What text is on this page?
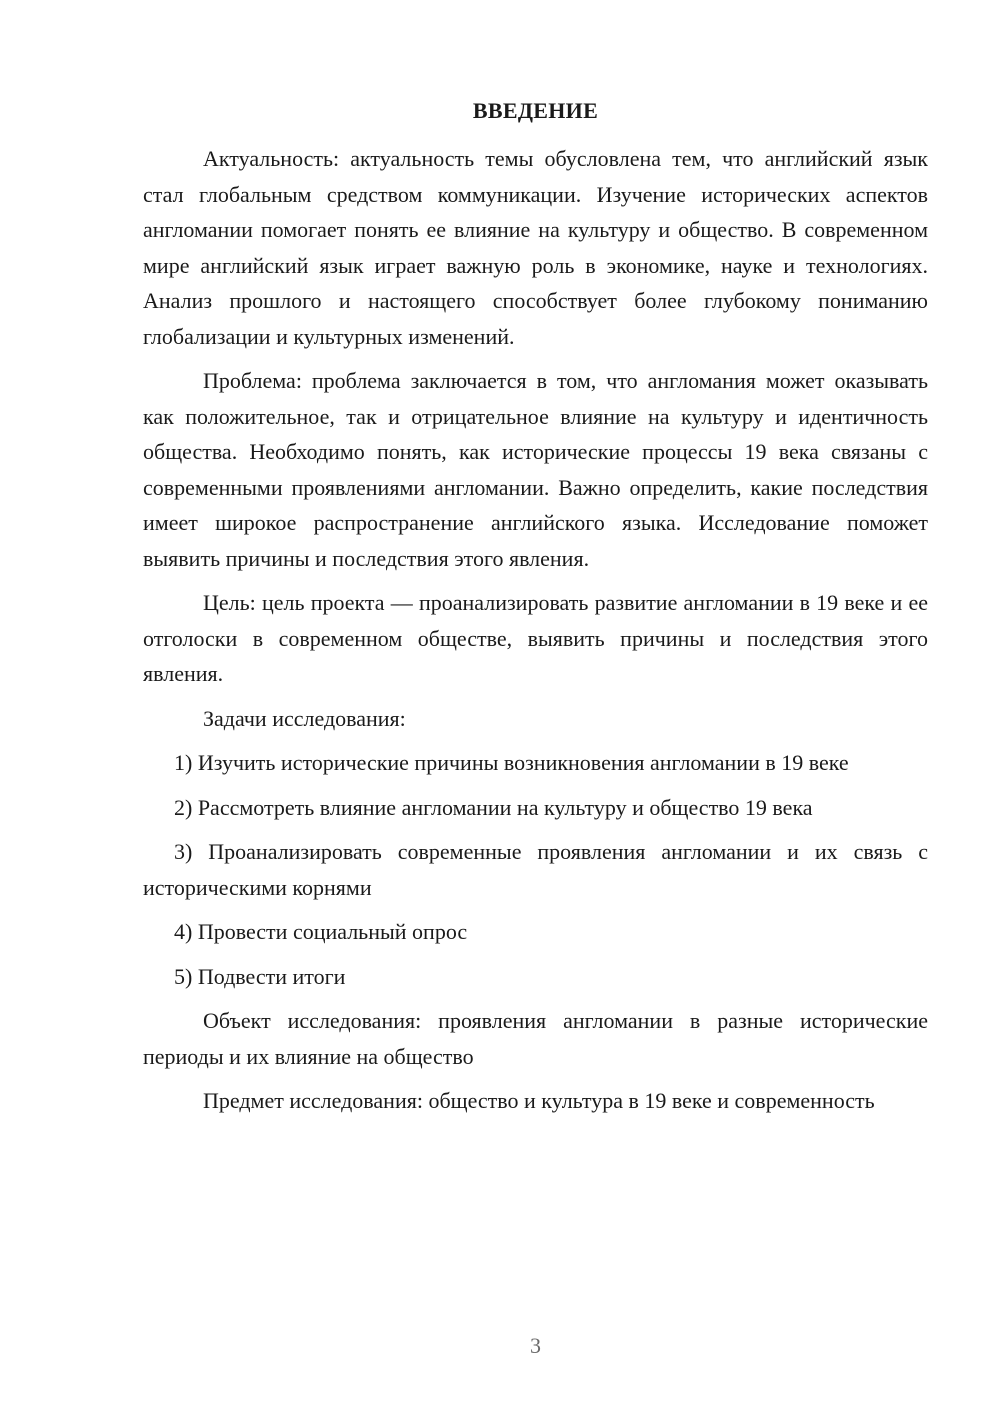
ВВЕДЕНИЕ

Актуальность: актуальность темы обусловлена тем, что английский язык стал глобальным средством коммуникации. Изучение исторических аспектов англомании помогает понять ее влияние на культуру и общество. В современном мире английский язык играет важную роль в экономике, науке и технологиях. Анализ прошлого и настоящего способствует более глубокому пониманию глобализации и культурных изменений.

Проблема: проблема заключается в том, что англомания может оказывать как положительное, так и отрицательное влияние на культуру и идентичность общества. Необходимо понять, как исторические процессы 19 века связаны с современными проявлениями англомании. Важно определить, какие последствия имеет широкое распространение английского языка. Исследование поможет выявить причины и последствия этого явления.

Цель: цель проекта — проанализировать развитие англомании в 19 веке и ее отголоски в современном обществе, выявить причины и последствия этого явления.

Задачи исследования:

1) Изучить исторические причины возникновения англомании в 19 веке

2) Рассмотреть влияние англомании на культуру и общество 19 века

3) Проанализировать современные проявления англомании и их связь с историческими корнями

4) Провести социальный опрос

5) Подвести итоги

Объект исследования: проявления англомании в разные исторические периоды и их влияние на общество

Предмет исследования: общество и культура в 19 веке и современность

3
